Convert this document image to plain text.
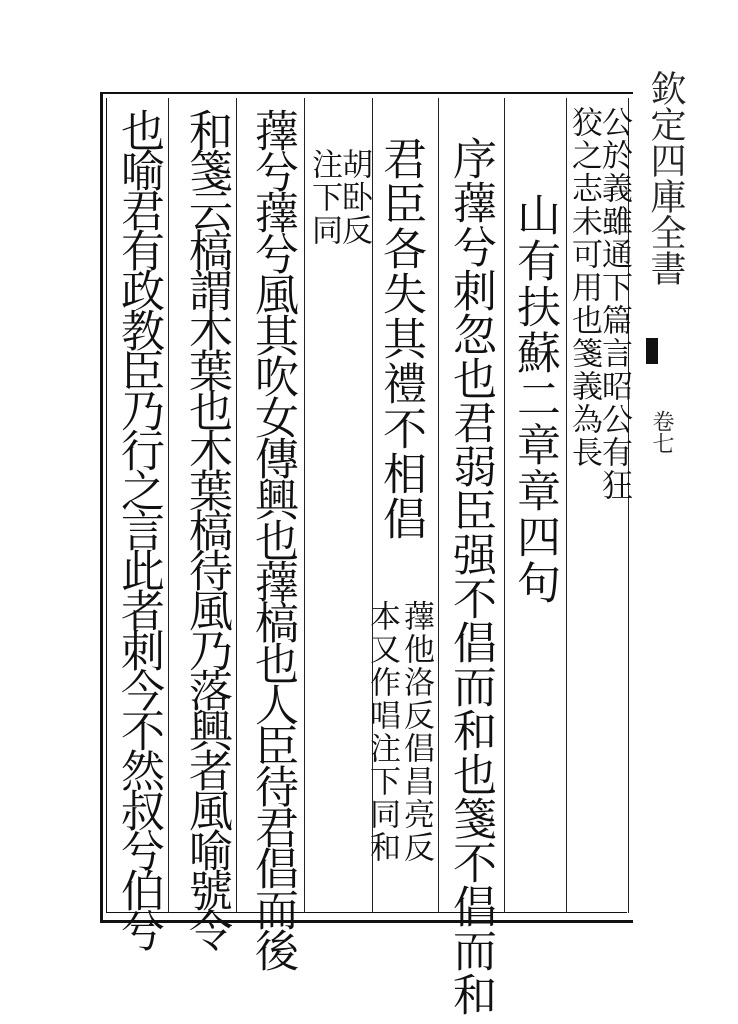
欽定四庫全書
卷七
公於義雖通下篇言昭公有狂
狡之志未可用也箋義為長
山有扶蘇二章章四句
序蘀兮刺忽也君弱臣强不倡而和也箋不倡而和
君臣各失其禮不相倡
蘀他洛反倡昌亮反
本又作唱注下同和
胡卧反
注下同
蘀兮蘀兮風其吹女傳興也蘀槁也人臣待君倡而後
和箋云槁謂木葉也木葉槁待風乃落興者風喻號令
也喻君有政教臣乃行之言此者刺今不然叔兮伯兮
